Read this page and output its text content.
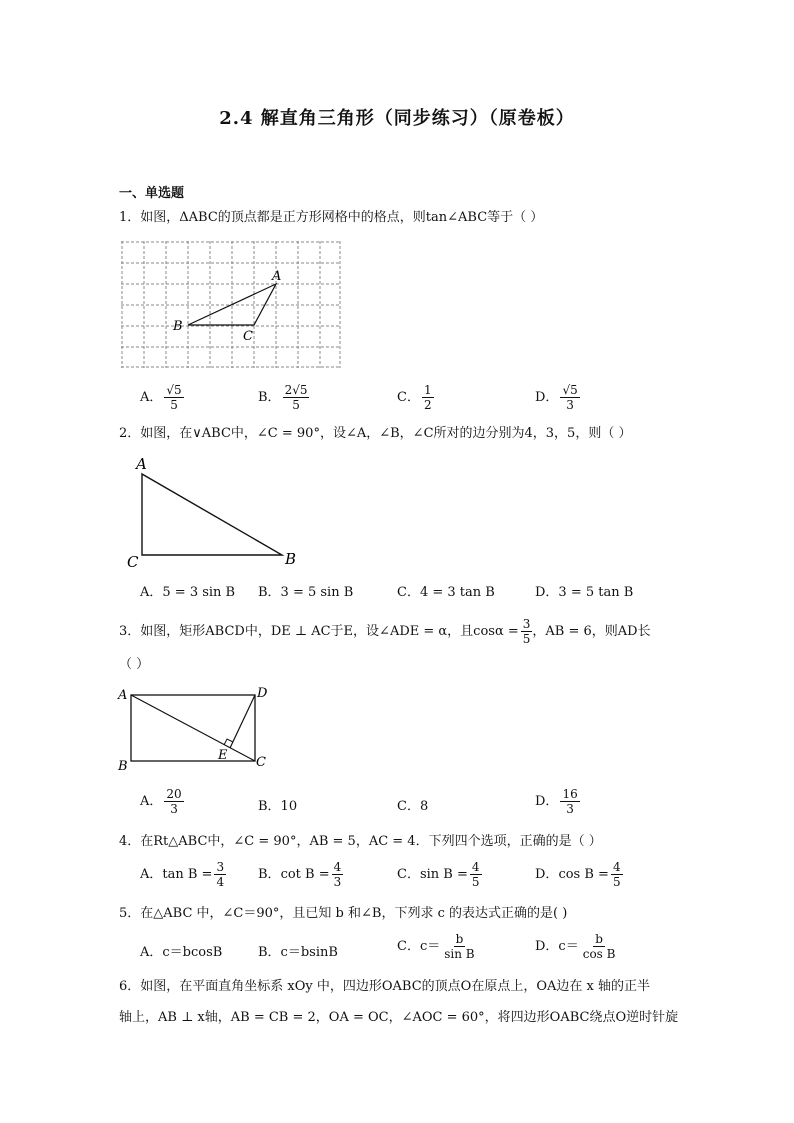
2.4 解直角三角形（同步练习）（原卷板）
一、单选题
1．如图，ΔABC的顶点都是正方形网格中的格点，则tan∠ABC等于（ ）
A
B
C
A． $\frac{√5}{5}$	B． $\frac{2√5}{5}$	C． $\frac{1}{2}$	D． $\frac{√5}{3}$
2．如图，在∨ABC中，∠C = 90°，设∠A，∠B，∠C所对的边分别为4，3，5，则（ ）
A
C	B
A．5 = 3 sin B B．3 = 5 sin B	C．4 = 3 tan B	D．3 = 5 tan B
3．如图，矩形ABCD中，DE ⊥ AC于E，设∠ADE = α，且$\cos\alpha = \frac{3}{5}$ ，AB = 6，则AD长
（ ）
A	D
B	C
E
A． $\frac{20}{3}$	B．10	C．8	D． $\frac{16}{3}$
4．在Rt△ABC中，∠C = 90°，AB = 5，AC = 4．下列四个选项，正确的是（ ）
A．$\tan B = \frac{3}{4}$ B．$\cot B = \frac{4}{3}$	C．$\sin B = \frac{4}{5}$	D．$\cos B = \frac{4}{5}$
5．在△ABC 中，∠C＝90°，且已知 b 和∠B，下列求 c 的表达式正确的是( )
A．c＝bcosB	B．c＝bsinB	C．$c= \frac{b}{\text{sin B}}$	D．$c= \frac{b}{\text{cos B}}$
6．如图，在平面直角坐标系 xOy 中，四边形OABC的顶点O在原点上，OA边在 x 轴的正半
轴上，AB ⊥ x轴，AB = CB = 2，OA = OC，∠AOC = 60°，将四边形OABC绕点O逆时针旋
